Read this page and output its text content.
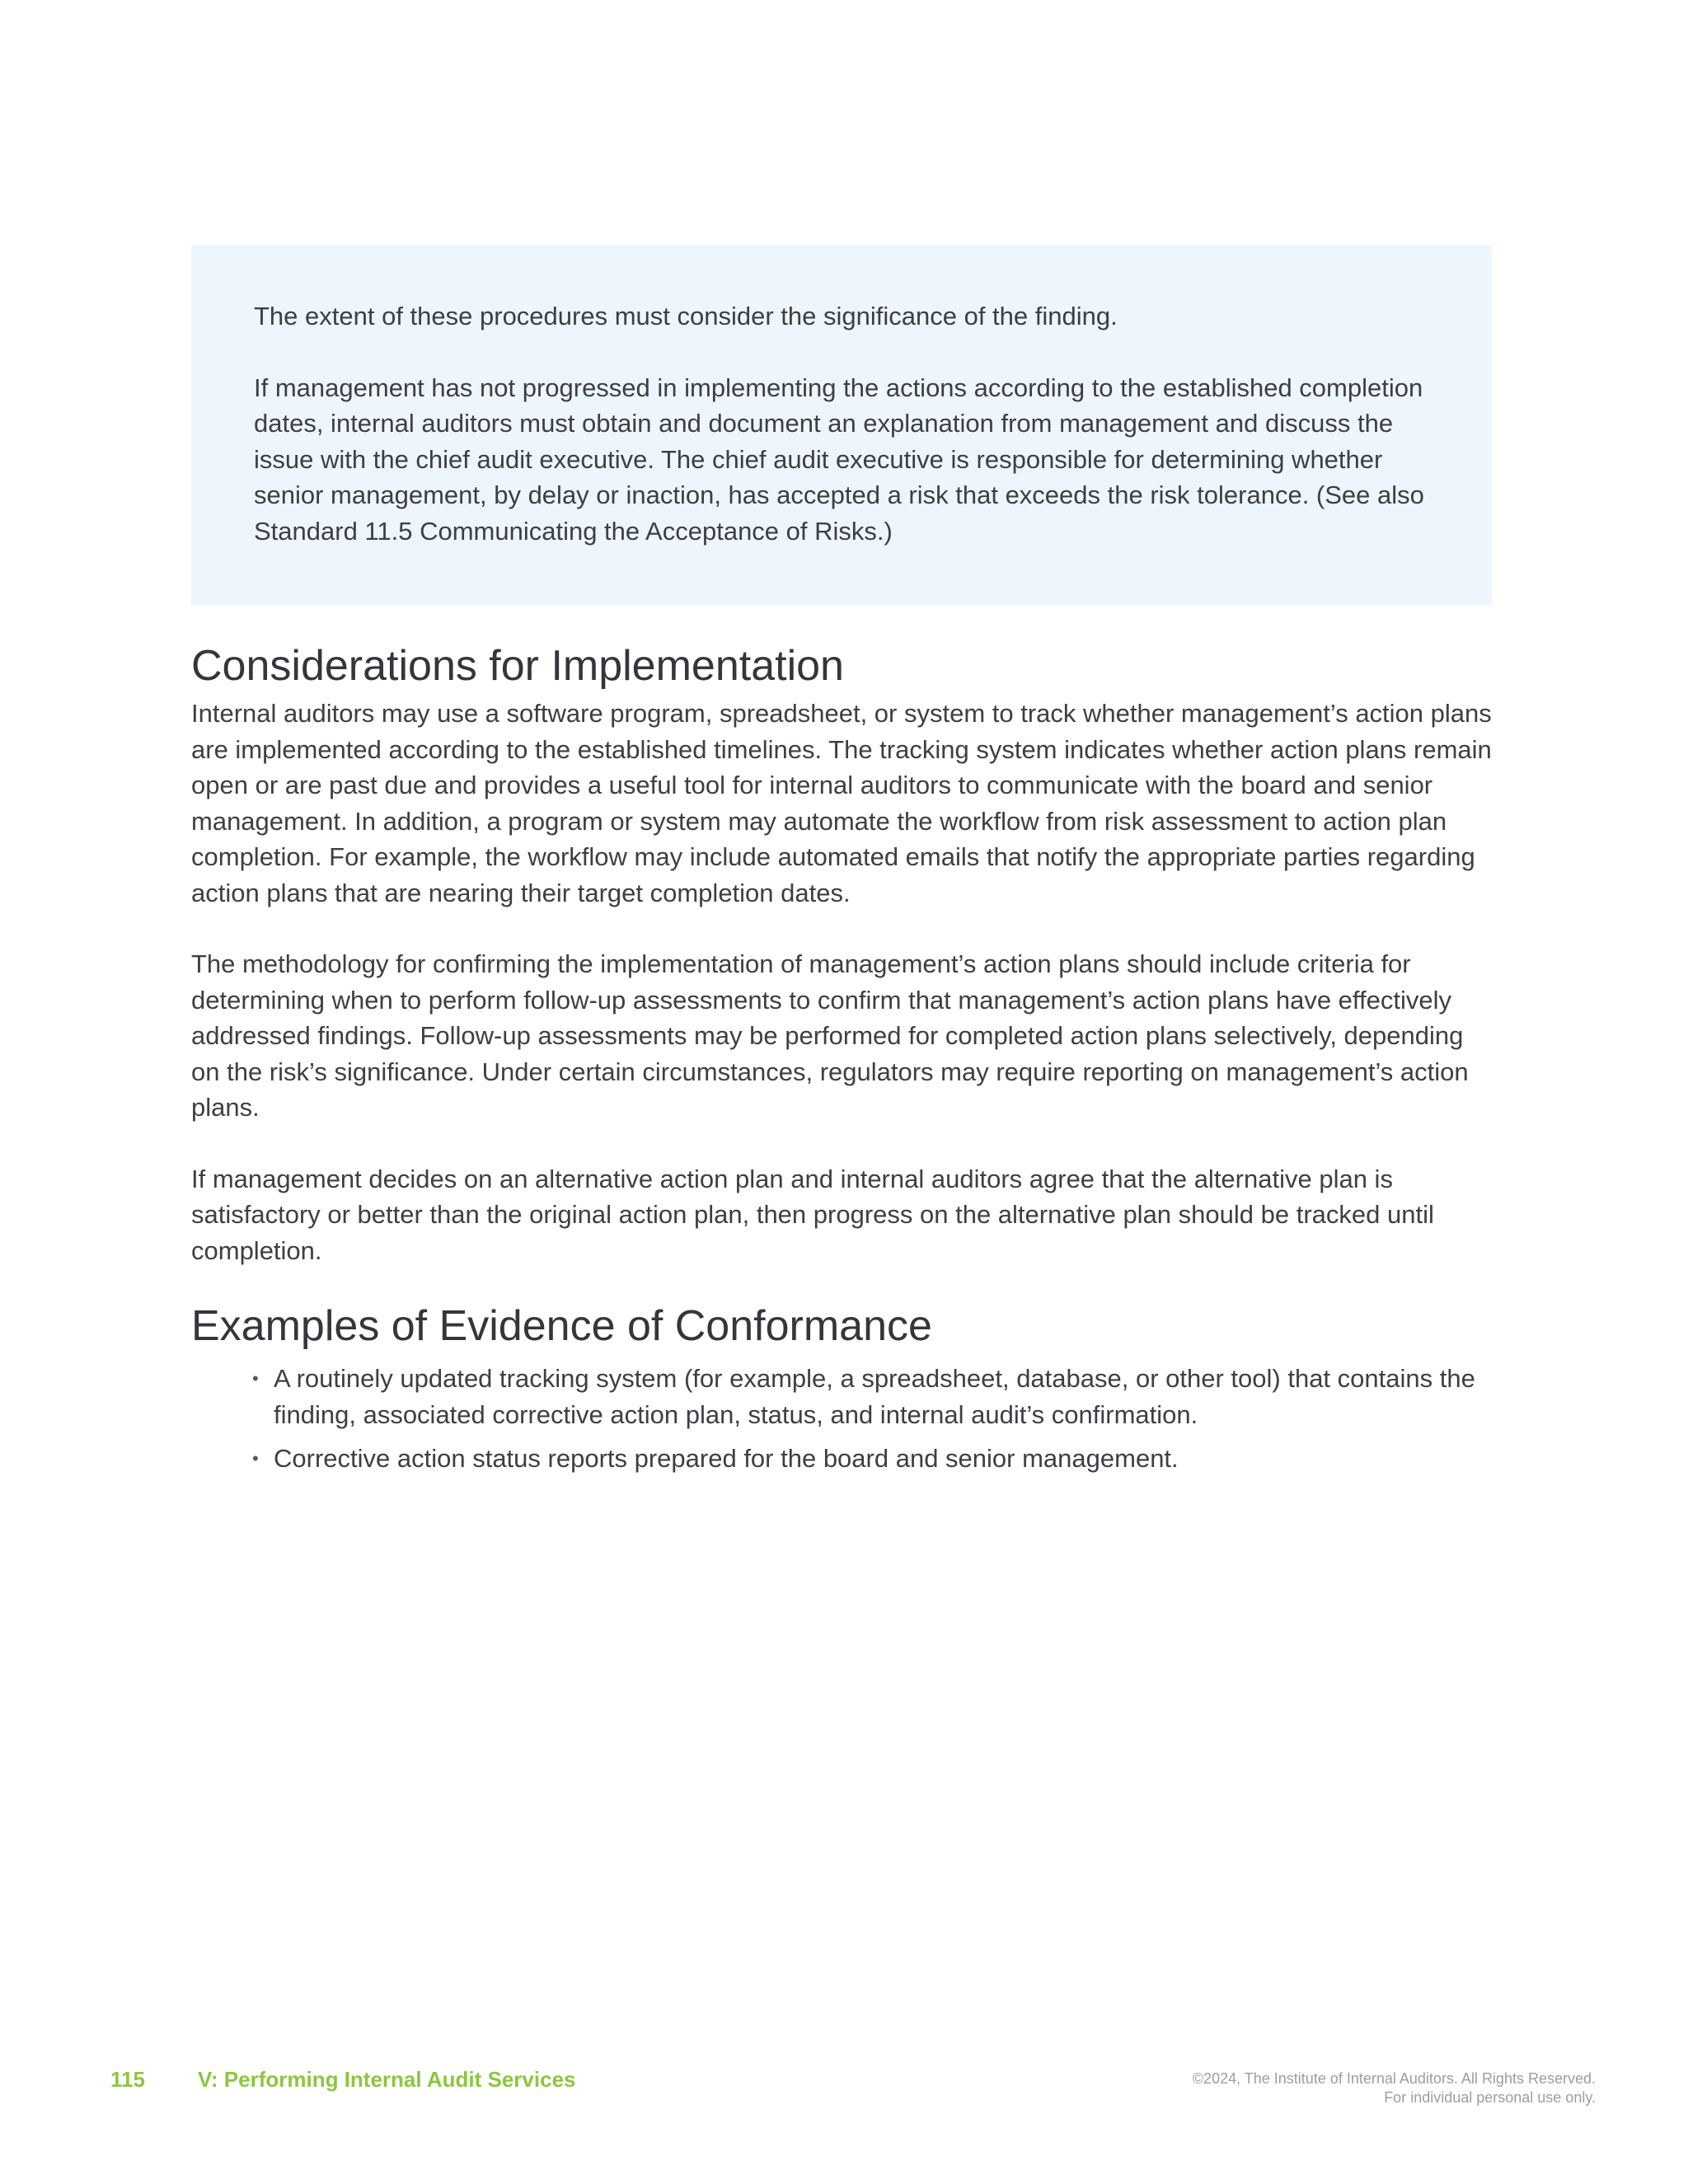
The extent of these procedures must consider the significance of the finding.

If management has not progressed in implementing the actions according to the established completion dates, internal auditors must obtain and document an explanation from management and discuss the issue with the chief audit executive. The chief audit executive is responsible for determining whether senior management, by delay or inaction, has accepted a risk that exceeds the risk tolerance. (See also Standard 11.5 Communicating the Acceptance of Risks.)

Considerations for Implementation

Internal auditors may use a software program, spreadsheet, or system to track whether management’s action plans are implemented according to the established timelines. The tracking system indicates whether action plans remain open or are past due and provides a useful tool for internal auditors to communicate with the board and senior management. In addition, a program or system may automate the workflow from risk assessment to action plan completion. For example, the workflow may include automated emails that notify the appropriate parties regarding action plans that are nearing their target completion dates.

The methodology for confirming the implementation of management’s action plans should include criteria for determining when to perform follow-up assessments to confirm that management’s action plans have effectively addressed findings. Follow-up assessments may be performed for completed action plans selectively, depending on the risk’s significance. Under certain circumstances, regulators may require reporting on management’s action plans.

If management decides on an alternative action plan and internal auditors agree that the alternative plan is satisfactory or better than the original action plan, then progress on the alternative plan should be tracked until completion.

Examples of Evidence of Conformance
• A routinely updated tracking system (for example, a spreadsheet, database, or other tool) that contains the finding, associated corrective action plan, status, and internal audit’s confirmation.
• Corrective action status reports prepared for the board and senior management.
115 V: Performing Internal Audit Services	©2024, The Institute of Internal Auditors. All Rights Reserved.
For individual personal use only.
